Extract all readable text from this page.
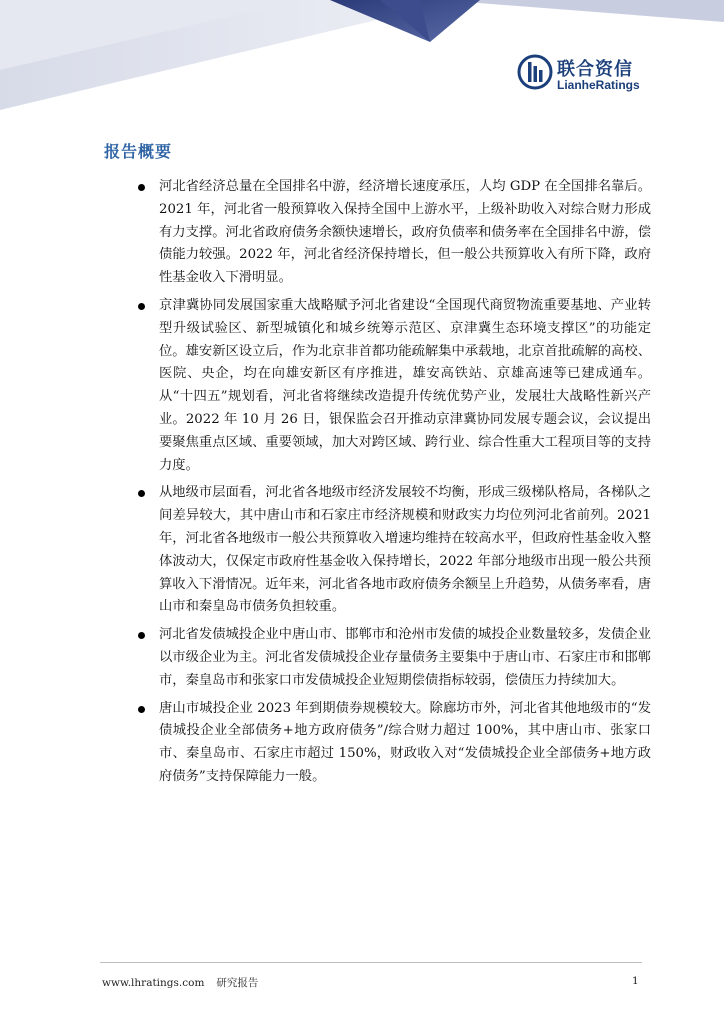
联合资信
LianheRatings
报告概要
河北省经济总量在全国排名中游，经济增长速度承压，人均 GDP 在全国排名靠后。2021 年，河北省一般预算收入保持全国中上游水平，上级补助收入对综合财力形成有力支撑。河北省政府债务余额快速增长，政府负债率和债务率在全国排名中游，偿债能力较强。2022 年，河北省经济保持增长，但一般公共预算收入有所下降，政府性基金收入下滑明显。
京津冀协同发展国家重大战略赋予河北省建设“全国现代商贸物流重要基地、产业转型升级试验区、新型城镇化和城乡统筹示范区、京津冀生态环境支撑区”的功能定位。雄安新区设立后，作为北京非首都功能疏解集中承载地，北京首批疏解的高校、医院、央企，均在向雄安新区有序推进，雄安高铁站、京雄高速等已建成通车。从“十四五”规划看，河北省将继续改造提升传统优势产业，发展壮大战略性新兴产业。2022 年 10 月 26 日，银保监会召开推动京津冀协同发展专题会议，会议提出要聚焦重点区域、重要领域，加大对跨区域、跨行业、综合性重大工程项目等的支持力度。
从地级市层面看，河北省各地级市经济发展较不均衡，形成三级梯队格局，各梯队之间差异较大，其中唐山市和石家庄市经济规模和财政实力均位列河北省前列。2021 年，河北省各地级市一般公共预算收入增速均维持在较高水平，但政府性基金收入整体波动大，仅保定市政府性基金收入保持增长，2022 年部分地级市出现一般公共预算收入下滑情况。近年来，河北省各地市政府债务余额呈上升趋势，从债务率看，唐山市和秦皇岛市债务负担较重。
河北省发债城投企业中唐山市、邯郸市和沧州市发债的城投企业数量较多，发债企业以市级企业为主。河北省发债城投企业存量债务主要集中于唐山市、石家庄市和邯郸市，秦皇岛市和张家口市发债城投企业短期偿债指标较弱，偿债压力持续加大。
唐山市城投企业 2023 年到期债券规模较大。除廊坊市外，河北省其他地级市的“发债城投企业全部债务+地方政府债务”/综合财力超过 100%，其中唐山市、张家口市、秦皇岛市、石家庄市超过 150%，财政收入对“发债城投企业全部债务+地方政府债务”支持保障能力一般。
www.lhratings.com 研究报告	1
